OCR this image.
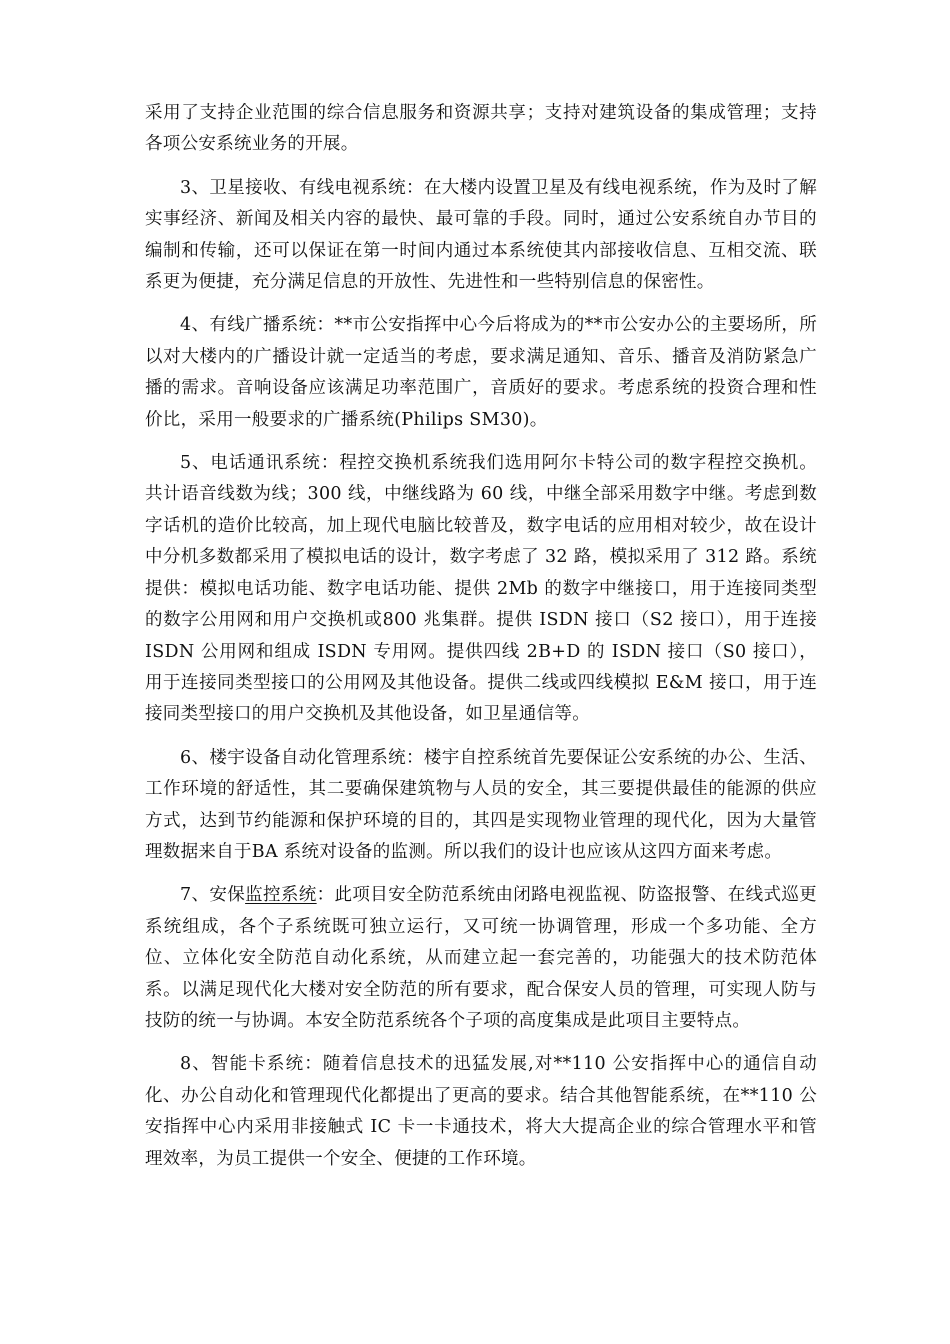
采用了支持企业范围的综合信息服务和资源共享；支持对建筑设备的集成管理；支持各项公安系统业务的开展。

3、卫星接收、有线电视系统：在大楼内设置卫星及有线电视系统，作为及时了解实事经济、新闻及相关内容的最快、最可靠的手段。同时，通过公安系统自办节目的编制和传输，还可以保证在第一时间内通过本系统使其内部接收信息、互相交流、联系更为便捷，充分满足信息的开放性、先进性和一些特别信息的保密性。

4、有线广播系统：**市公安指挥中心今后将成为的**市公安办公的主要场所，所以对大楼内的广播设计就一定适当的考虑，要求满足通知、音乐、播音及消防紧急广播的需求。音响设备应该满足功率范围广，音质好的要求。考虑系统的投资合理和性价比，采用一般要求的广播系统(Philips SM30)。

5、电话通讯系统：程控交换机系统我们选用阿尔卡特公司的数字程控交换机。 共计语音线数为线；300 线，中继线路为 60 线，中继全部采用数字中继。考虑到数字话机的造价比较高，加上现代电脑比较普及，数字电话的应用相对较少，故在设计中分机多数都采用了模拟电话的设计，数字考虑了 32 路，模拟采用了 312 路。系统提供：模拟电话功能、数字电话功能、提供 2Mb 的数字中继接口，用于连接同类型的数字公用网和用户交换机或800 兆集群。提供 ISDN 接口（S2 接口），用于连接ISDN 公用网和组成 ISDN 专用网。提供四线 2B+D 的 ISDN 接口（S0 接口），用于连接同类型接口的公用网及其他设备。提供二线或四线模拟 E&M 接口，用于连接同类型接口的用户交换机及其他设备，如卫星通信等。

6、楼宇设备自动化管理系统：楼宇自控系统首先要保证公安系统的办公、生活、工作环境的舒适性，其二要确保建筑物与人员的安全，其三要提供最佳的能源的供应方式，达到节约能源和保护环境的目的，其四是实现物业管理的现代化，因为大量管理数据来自于BA 系统对设备的监测。所以我们的设计也应该从这四方面来考虑。

7、安保监控系统：此项目安全防范系统由闭路电视监视、防盗报警、在线式巡更系统组成，各个子系统既可独立运行，又可统一协调管理，形成一个多功能、全方位、立体化安全防范自动化系统，从而建立起一套完善的，功能强大的技术防范体系。以满足现代化大楼对安全防范的所有要求，配合保安人员的管理，可实现人防与技防的统一与协调。本安全防范系统各个子项的高度集成是此项目主要特点。

8、智能卡系统：随着信息技术的迅猛发展,对**110 公安指挥中心的通信自动化、办公自动化和管理现代化都提出了更高的要求。结合其他智能系统，在**110 公安指挥中心内采用非接触式 IC 卡一卡通技术，将大大提高企业的综合管理水平和管理效率，为员工提供一个安全、便捷的工作环境。
